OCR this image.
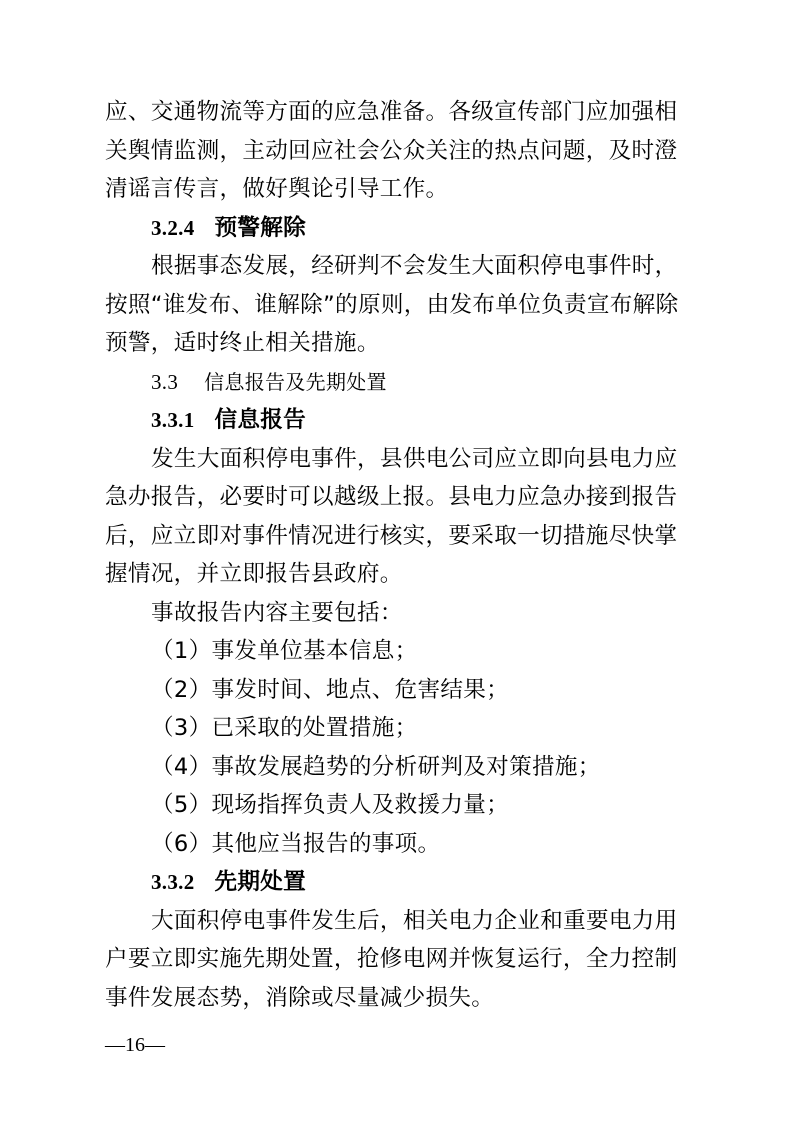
应、交通物流等方面的应急准备。各级宣传部门应加强相
关舆情监测，主动回应社会公众关注的热点问题，及时澄
清谣言传言，做好舆论引导工作。
3.2.4 预警解除
根据事态发展，经研判不会发生大面积停电事件时，
按照“谁发布、谁解除”的原则，由发布单位负责宣布解除
预警，适时终止相关措施。
3.3 信息报告及先期处置
3.3.1 信息报告
发生大面积停电事件，县供电公司应立即向县电力应
急办报告，必要时可以越级上报。县电力应急办接到报告
后，应立即对事件情况进行核实，要采取一切措施尽快掌
握情况，并立即报告县政府。
事故报告内容主要包括：
（1）事发单位基本信息；
（2）事发时间、地点、危害结果；
（3）已采取的处置措施；
（4）事故发展趋势的分析研判及对策措施；
（5）现场指挥负责人及救援力量；
（6）其他应当报告的事项。
3.3.2 先期处置
大面积停电事件发生后，相关电力企业和重要电力用
户要立即实施先期处置，抢修电网并恢复运行，全力控制
事件发展态势，消除或尽量减少损失。
—16—
